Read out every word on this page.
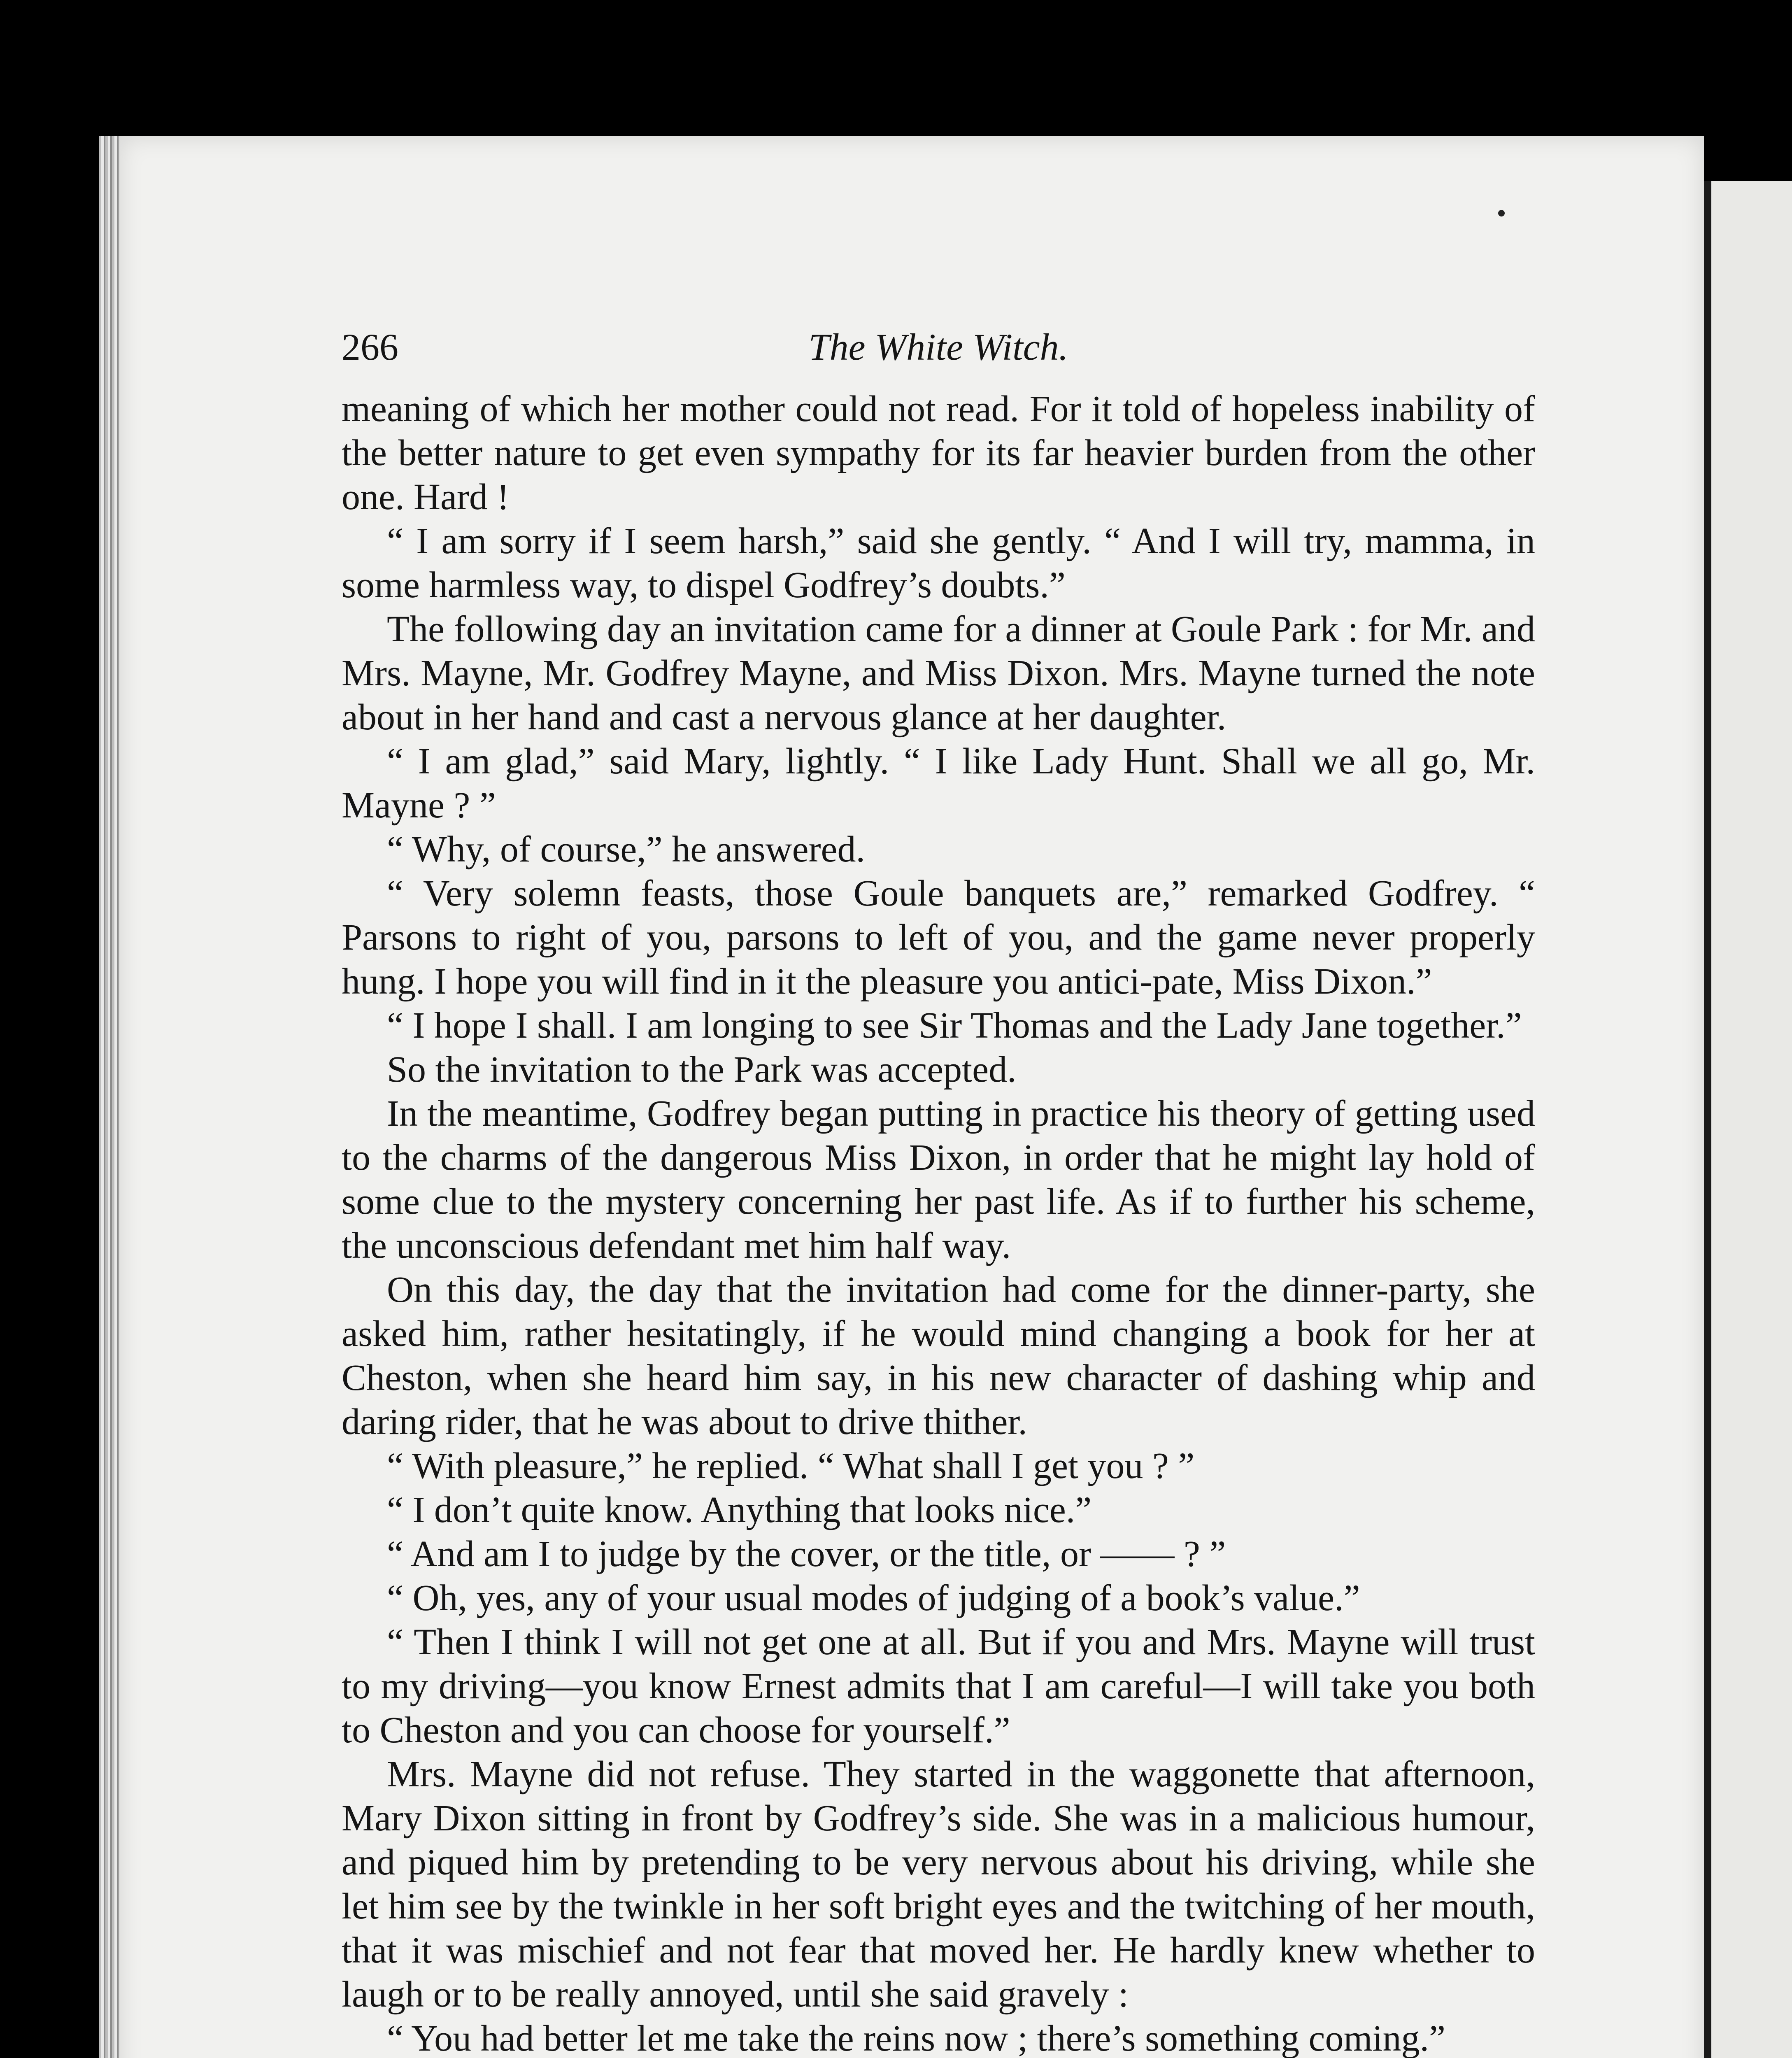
266	The White Witch.

meaning of which her mother could not read. For it told of hopeless inability of the better nature to get even sympathy for its far heavier burden from the other one. Hard !

“ I am sorry if I seem harsh,” said she gently. “ And I will try, mamma, in some harmless way, to dispel Godfrey’s doubts.”

The following day an invitation came for a dinner at Goule Park : for Mr. and Mrs. Mayne, Mr. Godfrey Mayne, and Miss Dixon. Mrs. Mayne turned the note about in her hand and cast a nervous glance at her daughter.

“ I am glad,” said Mary, lightly. “ I like Lady Hunt. Shall we all go, Mr. Mayne ? ”

“ Why, of course,” he answered.

“ Very solemn feasts, those Goule banquets are,” remarked Godfrey. “ Parsons to right of you, parsons to left of you, and the game never properly hung. I hope you will find in it the pleasure you antici-pate, Miss Dixon.”

“ I hope I shall. I am longing to see Sir Thomas and the Lady Jane together.”

So the invitation to the Park was accepted.

In the meantime, Godfrey began putting in practice his theory of getting used to the charms of the dangerous Miss Dixon, in order that he might lay hold of some clue to the mystery concerning her past life. As if to further his scheme, the unconscious defendant met him half way.

On this day, the day that the invitation had come for the dinner-party, she asked him, rather hesitatingly, if he would mind changing a book for her at Cheston, when she heard him say, in his new character of dashing whip and daring rider, that he was about to drive thither.

“ With pleasure,” he replied. “ What shall I get you ? ”

“ I don’t quite know. Anything that looks nice.”

“ And am I to judge by the cover, or the title, or —— ? ”

“ Oh, yes, any of your usual modes of judging of a book’s value.”

“ Then I think I will not get one at all. But if you and Mrs. Mayne will trust to my driving—you know Ernest admits that I am careful—I will take you both to Cheston and you can choose for yourself.”

Mrs. Mayne did not refuse. They started in the waggonette that afternoon, Mary Dixon sitting in front by Godfrey’s side. She was in a malicious humour, and piqued him by pretending to be very nervous about his driving, while she let him see by the twinkle in her soft bright eyes and the twitching of her mouth, that it was mischief and not fear that moved her. He hardly knew whether to laugh or to be really annoyed, until she said gravely :

“ You had better let me take the reins now ; there’s something coming.”
